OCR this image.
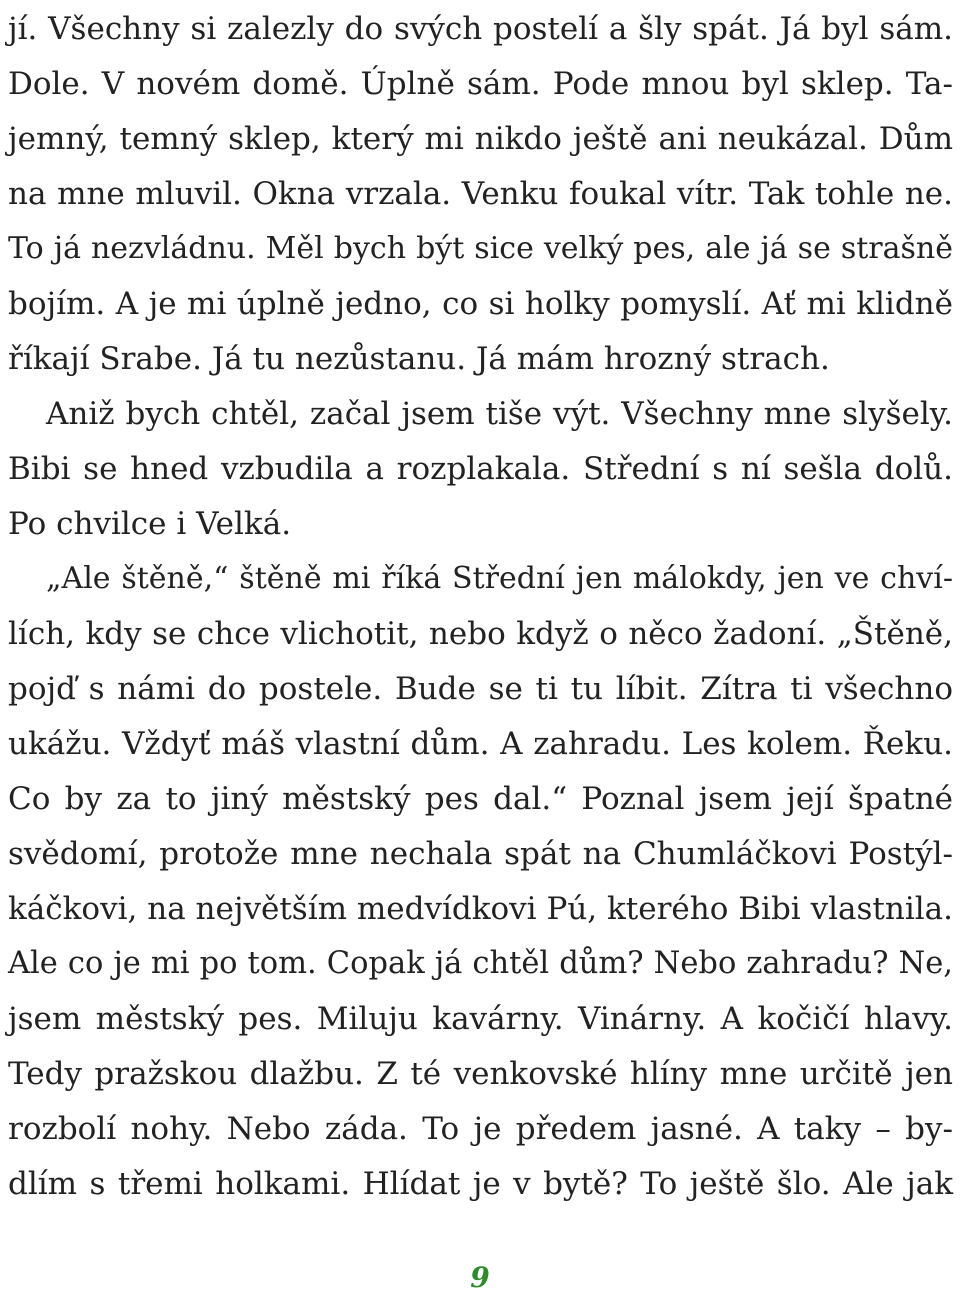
jí. Všechny si zalezly do svých postelí a šly spát. Já byl sám.
Dole. V novém domě. Úplně sám. Pode mnou byl sklep. Ta-
jemný, temný sklep, který mi nikdo ještě ani neukázal. Dům
na mne mluvil. Okna vrzala. Venku foukal vítr. Tak tohle ne.
To já nezvládnu. Měl bych být sice velký pes, ale já se strašně
bojím. A je mi úplně jedno, co si holky pomyslí. Ať mi klidně
říkají Srabe. Já tu nezůstanu. Já mám hrozný strach.
Aniž bych chtěl, začal jsem tiše výt. Všechny mne slyšely.
Bibi se hned vzbudila a rozplakala. Střední s ní sešla dolů.
Po chvilce i Velká.
„Ale štěně,“ štěně mi říká Střední jen málokdy, jen ve chví-
lích, kdy se chce vlichotit, nebo když o něco žadoní. „Štěně,
pojď s námi do postele. Bude se ti tu líbit. Zítra ti všechno
ukážu. Vždyť máš vlastní dům. A zahradu. Les kolem. Řeku.
Co by za to jiný městský pes dal.“ Poznal jsem její špatné
svědomí, protože mne nechala spát na Chumláčkovi Postýl-
káčkovi, na největším medvídkovi Pú, kterého Bibi vlastnila.
Ale co je mi po tom. Copak já chtěl dům? Nebo zahradu? Ne,
jsem městský pes. Miluju kavárny. Vinárny. A kočičí hlavy.
Tedy pražskou dlažbu. Z té venkovské hlíny mne určitě jen
rozbolí nohy. Nebo záda. To je předem jasné. A taky – by-
dlím s třemi holkami. Hlídat je v bytě? To ještě šlo. Ale jak
9
